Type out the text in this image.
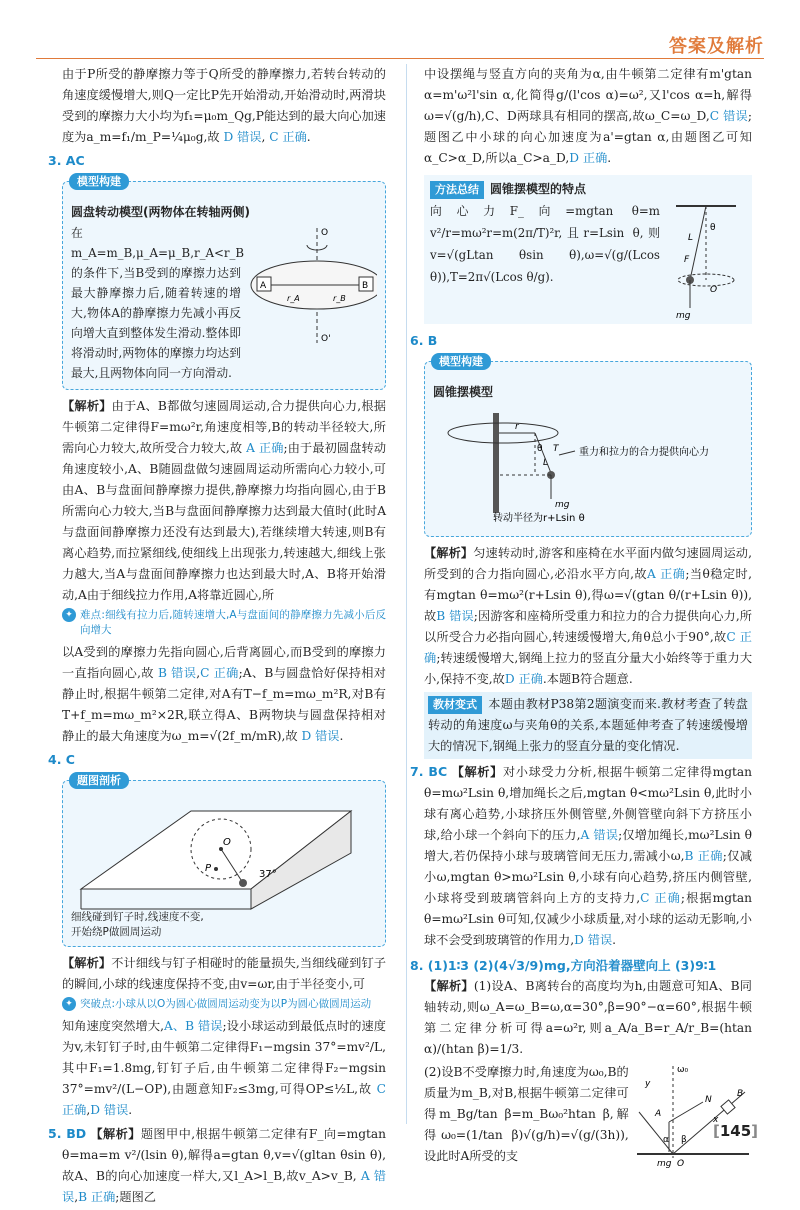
答案及解析

由于P所受的静摩擦力等于Q所受的静摩擦力,若转台转动的角速度缓慢增大,则Q一定比P先开始滑动,开始滑动时,两滑块受到的摩擦力大小均为f₁=μ₀m_Qg,P能达到的最大向心加速度为a_m=f₁/m_P=¼μ₀g,故 D 错误, C 正确.

3. AC
模型构建
圆盘转动模型(两物体在转轴两侧)
在m_A=m_B,μ_A=μ_B,r_A<r_B的条件下,当B受到的摩擦力达到最大静摩擦力后,随着转速的增大,物体A的静摩擦力先减小再反向增大直到整体发生滑动.整体即将滑动时,两物体的摩擦力均达到最大,且两物体向同一方向滑动.
A	B
r_A	r_B
O
O'

【解析】由于A、B都做匀速圆周运动,合力提供向心力,根据牛顿第二定律得F=mω²r,角速度相等,B的转动半径较大,所需向心力较大,故所受合力较大,故 A 正确;由于最初圆盘转动角速度较小,A、B随圆盘做匀速圆周运动所需向心力较小,可由A、B与盘面间静摩擦力提供,静摩擦力均指向圆心,由于B所需向心力较大,当B与盘面间静摩擦力达到最大值时(此时A与盘面间静摩擦力还没有达到最大),若继续增大转速,则B有离心趋势,而拉紧细线,使细线上出现张力,转速越大,细线上张力越大,当A与盘面间静摩擦力也达到最大时,A、B将开始滑动,A由于细线拉力作用,A将靠近圆心,所

✦ 难点:细线有拉力后,随转速增大,A与盘面间的静摩擦力先减小后反向增大

以A受到的摩擦力先指向圆心,后背离圆心,而B受到的摩擦力一直指向圆心,故 B 错误,C 正确;A、B与圆盘恰好保持相对静止时,根据牛顿第二定律,对A有T−f_m=mω_m²R,对B有T+f_m=mω_m²×2R,联立得A、B两物块与圆盘保持相对静止的最大角速度为ω_m=√(2f_m/mR),故 D 错误.

4. C
题图剖析
O
P
37°
细线碰到钉子时,线速度不变,
开始绕P做圆周运动

【解析】不计细线与钉子相碰时的能量损失,当细线碰到钉子的瞬间,小球的线速度保持不变,由v=ωr,由于半径变小,可

✦ 突破点:小球从以O为圆心做圆周运动变为以P为圆心做圆周运动

知角速度突然增大,A、B 错误;设小球运动到最低点时的速度为v,未钉钉子时,由牛顿第二定律得F₁−mgsin 37°=mv²/L,其中F₁=1.8mg,钉钉子后,由牛顿第二定律得F₂−mgsin 37°=mv²/(L−OP),由题意知F₂≤3mg,可得OP≤½L,故 C 正确,D 错误.

5. BD 【解析】题图甲中,根据牛顿第二定律有F_向=mgtan θ=ma=m v²/(lsin θ),解得a=gtan θ,v=√(gltan θsin θ),故A、B的向心加速度一样大,又l_A>l_B,故v_A>v_B, A 错误,B 正确;题图乙

中设摆绳与竖直方向的夹角为α,由牛顿第二定律有m'gtan α=m'ω²l'sin α,化简得g/(l'cos α)=ω²,又l'cos α=h,解得ω=√(g/h),C、D两球具有相同的摆高,故ω_C=ω_D,C 错误;题图乙中小球的向心加速度为a'=gtan α,由题图乙可知α_C>α_D,所以a_C>a_D,D 正确.

方法总结 圆锥摆模型的特点
向心力F_向=mgtan θ=m v²/r=mω²r=m(2π/T)²r,且r=Lsin θ,则v=√(gLtan θsin θ),ω=√(g/(Lcos θ)),T=2π√(Lcos θ/g).
θ
L
F
O
mg
6. B
模型构建
圆锥摆模型
r
θ T
L
mg
重力和拉力的合力提供向心力
转动半径为r+Lsin θ

【解析】匀速转动时,游客和座椅在水平面内做匀速圆周运动,所受到的合力指向圆心,必沿水平方向,故A 正确;当θ稳定时,有mgtan θ=mω²(r+Lsin θ),得ω=√(gtan θ/(r+Lsin θ)),故B 错误;因游客和座椅所受重力和拉力的合力提供向心力,所以所受合力必指向圆心,转速缓慢增大,角θ总小于90°,故C 正确;转速缓慢增大,钢绳上拉力的竖直分量大小始终等于重力大小,保持不变,故D 正确.本题B符合题意.

教材变式 本题由教材P38第2题演变而来.教材考查了转盘转动的角速度ω与夹角θ的关系,本题延伸考查了转速缓慢增大的情况下,钢绳上张力的竖直分量的变化情况.

7. BC 【解析】对小球受力分析,根据牛顿第二定律得mgtan θ=mω²Lsin θ,增加绳长之后,mgtan θ<mω²Lsin θ,此时小球有离心趋势,小球挤压外侧管壁,外侧管壁向斜下方挤压小球,给小球一个斜向下的压力,A 错误;仅增加绳长,mω²Lsin θ增大,若仍保持小球与玻璃管间无压力,需减小ω,B 正确;仅减小ω,mgtan θ>mω²Lsin θ,小球有向心趋势,挤压内侧管壁,小球将受到玻璃管斜向上方的支持力,C 正确;根据mgtan θ=mω²Lsin θ可知,仅减少小球质量,对小球的运动无影响,小球不会受到玻璃管的作用力,D 错误.

8. (1)1∶3 (2)(4√3/9)mg,方向沿着器壁向上 (3)9∶1

【解析】(1)设A、B离转台的高度均为h,由题意可知A、B同轴转动,则ω_A=ω_B=ω,α=30°,β=90°−α=60°,根据牛顿第二定律分析可得a=ω²r,则a_A/a_B=r_A/r_B=(htan α)/(htan β)=1/3.

(2)设B不受摩擦力时,角速度为ω₀,B的质量为m_B,对B,根据牛顿第二定律可得m_Bg/tan β=m_Bω₀²htan β,解得ω₀=(1/tan β)√(g/h)=√(g/(3h)),设此时A所受的支

ω₀
N
A
B
O
α β
mg
x
y
[145]
